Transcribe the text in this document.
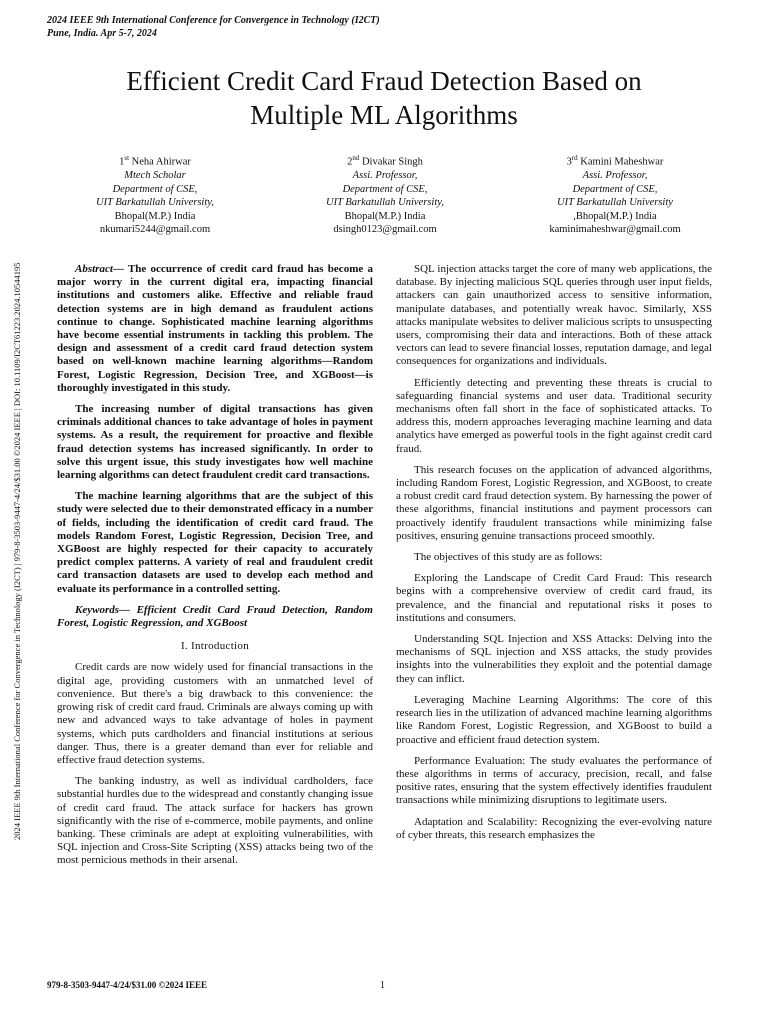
2024 IEEE 9th International Conference for Convergence in Technology (I2CT)
Pune, India. Apr 5-7, 2024
Efficient Credit Card Fraud Detection Based on
Multiple ML Algorithms
1st Neha Ahirwar
Mtech Scholar
Department of CSE,
UIT Barkatullah University,
Bhopal(M.P.) India
nkumari5244@gmail.com
2nd Divakar Singh
Assi. Professor,
Department of CSE,
UIT Barkatullah University,
Bhopal(M.P.) India
dsingh0123@gmail.com
3rd Kamini Maheshwar
Assi. Professor,
Department of CSE,
UIT Barkatullah University
,Bhopal(M.P.) India
kaminimaheshwar@gmail.com
2024 IEEE 9th International Conference for Convergence in Technology (I2CT) | 979-8-3503-9447-4/24/$31.00 ©2024 IEEE | DOI: 10.1109/I2CT61223.2024.10544195	Abstract— The occurrence of credit card fraud has become a major worry in the current digital era, impacting financial institutions and customers alike. Effective and reliable fraud detection systems are in high demand as fraudulent actions continue to change. Sophisticated machine learning algorithms have become essential instruments in tackling this problem. The design and assessment of a credit card fraud detection system based on well-known machine learning algorithms—Random Forest, Logistic Regression, Decision Tree, and XGBoost—is thoroughly investigated in this study.

The increasing number of digital transactions has given criminals additional chances to take advantage of holes in payment systems. As a result, the requirement for proactive and flexible fraud detection systems has increased significantly. In order to solve this urgent issue, this study investigates how well machine learning algorithms can detect fraudulent credit card transactions.

The machine learning algorithms that are the subject of this study were selected due to their demonstrated efficacy in a number of fields, including the identification of credit card fraud. The models Random Forest, Logistic Regression, Decision Tree, and XGBoost are highly respected for their capacity to accurately predict complex patterns. A variety of real and fraudulent credit card transaction datasets are used to develop each method and evaluate its performance in a controlled setting.

Keywords— Efficient Credit Card Fraud Detection, Random Forest, Logistic Regression, and XGBoost

I. Introduction

Credit cards are now widely used for financial transactions in the digital age, providing customers with an unmatched level of convenience. But there's a big drawback to this convenience: the growing risk of credit card fraud. Criminals are always coming up with new and advanced ways to take advantage of holes in payment systems, which puts cardholders and financial institutions at serious danger. Thus, there is a greater demand than ever for reliable and effective fraud detection systems.

The banking industry, as well as individual cardholders, face substantial hurdles due to the widespread and constantly changing issue of credit card fraud. The attack surface for hackers has grown significantly with the rise of e-commerce, mobile payments, and online banking. These criminals are adept at exploiting vulnerabilities, with SQL injection and Cross-Site Scripting (XSS) attacks being two of the most pernicious methods in their arsenal.

SQL injection attacks target the core of many web applications, the database. By injecting malicious SQL queries through user input fields, attackers can gain unauthorized access to sensitive information, manipulate databases, and potentially wreak havoc. Similarly, XSS attacks manipulate websites to deliver malicious scripts to unsuspecting users, compromising their data and interactions. Both of these attack vectors can lead to severe financial losses, reputation damage, and legal consequences for organizations and individuals.

Efficiently detecting and preventing these threats is crucial to safeguarding financial systems and user data. Traditional security mechanisms often fall short in the face of sophisticated attacks. To address this, modern approaches leveraging machine learning and data analytics have emerged as powerful tools in the fight against credit card fraud.

This research focuses on the application of advanced algorithms, including Random Forest, Logistic Regression, and XGBoost, to create a robust credit card fraud detection system. By harnessing the power of these algorithms, financial institutions and payment processors can proactively identify fraudulent transactions while minimizing false positives, ensuring genuine transactions proceed smoothly.

The objectives of this study are as follows:

Exploring the Landscape of Credit Card Fraud: This research begins with a comprehensive overview of credit card fraud, its prevalence, and the financial and reputational risks it poses to institutions and consumers.

Understanding SQL Injection and XSS Attacks: Delving into the mechanisms of SQL injection and XSS attacks, the study provides insights into the vulnerabilities they exploit and the potential damage they can inflict.

Leveraging Machine Learning Algorithms: The core of this research lies in the utilization of advanced machine learning algorithms like Random Forest, Logistic Regression, and XGBoost to build a proactive and efficient fraud detection system.

Performance Evaluation: The study evaluates the performance of these algorithms in terms of accuracy, precision, recall, and false positive rates, ensuring that the system effectively identifies fraudulent transactions while minimizing disruptions to legitimate users.

Adaptation and Scalability: Recognizing the ever-evolving nature of cyber threats, this research emphasizes the

979-8-3503-9447-4/24/$31.00 ©2024 IEEE	1
